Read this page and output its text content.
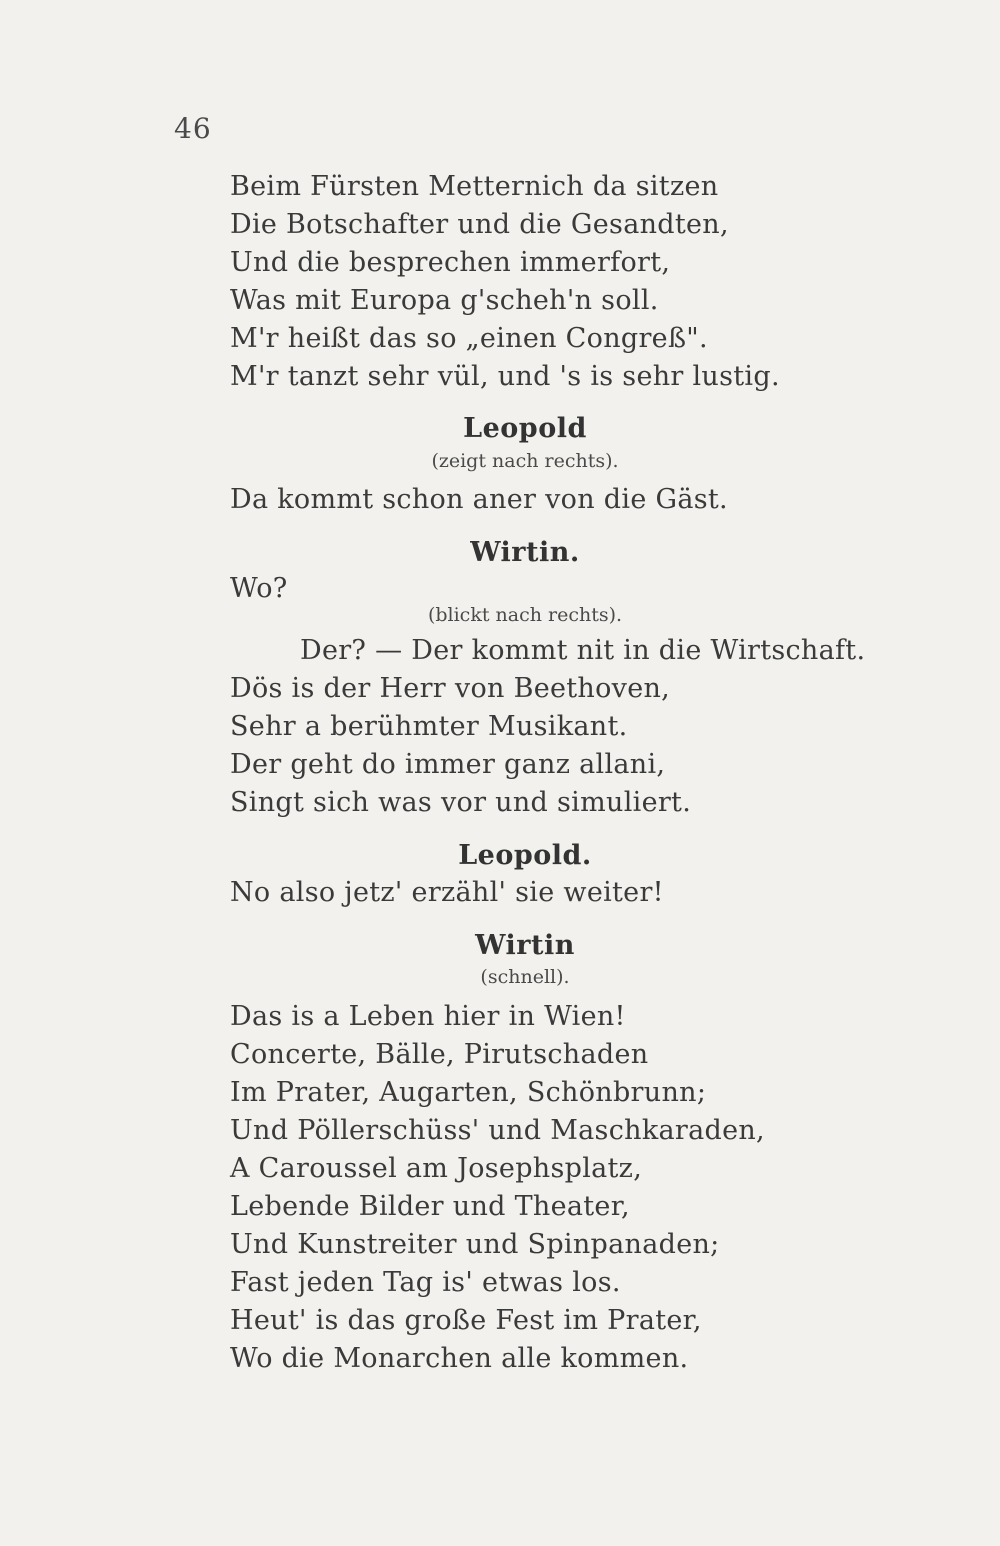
46
Beim Fürsten Metternich da sitzen
Die Botschafter und die Gesandten,
Und die besprechen immerfort,
Was mit Europa g'scheh'n soll.
M'r heißt das so „einen Congreß".
M'r tanzt sehr vül, und 's is sehr lustig.
Leopold
(zeigt nach rechts).
Da kommt schon aner von die Gäst.
Wirtin.
Wo?
(blickt nach rechts).
Der? — Der kommt nit in die Wirtschaft.
Dös is der Herr von Beethoven,
Sehr a berühmter Musikant.
Der geht do immer ganz allani,
Singt sich was vor und simuliert.
Leopold.
No also jetz' erzähl' sie weiter!
Wirtin
(schnell).
Das is a Leben hier in Wien!
Concerte, Bälle, Pirutschaden
Im Prater, Augarten, Schönbrunn;
Und Pöllerschüss' und Maschkaraden,
A Caroussel am Josephsplatz,
Lebende Bilder und Theater,
Und Kunstreiter und Spinpanaden;
Fast jeden Tag is' etwas los.
Heut' is das große Fest im Prater,
Wo die Monarchen alle kommen.
